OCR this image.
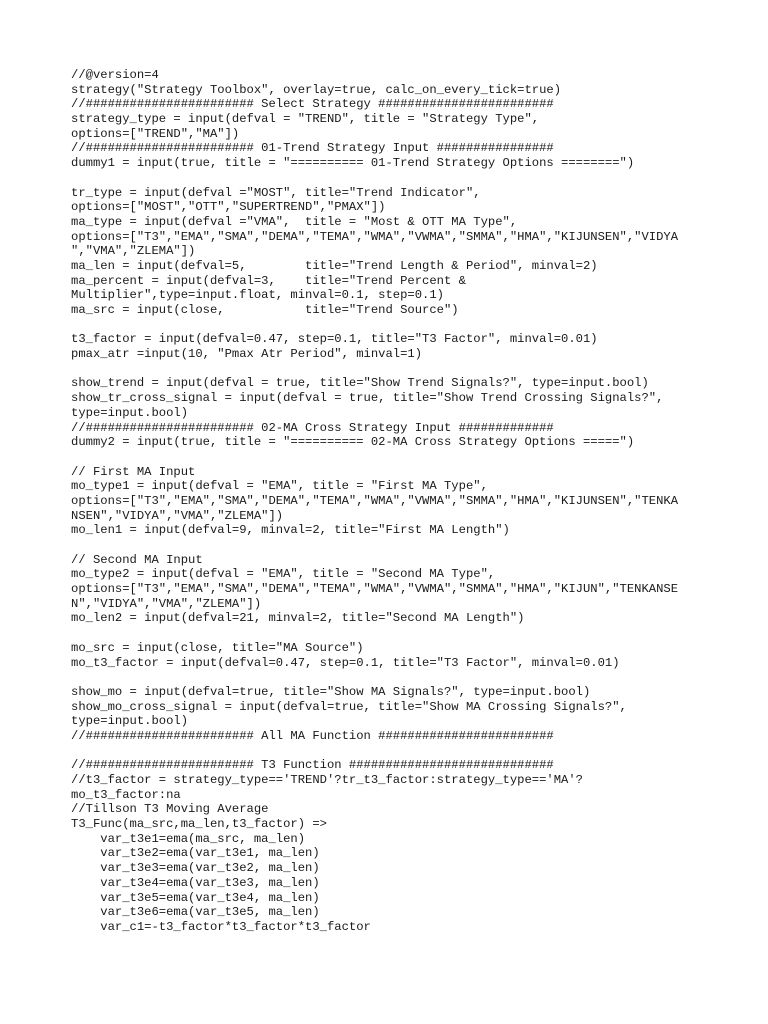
//@version=4
strategy("Strategy Toolbox", overlay=true, calc_on_every_tick=true)
//####################### Select Strategy ########################
strategy_type = input(defval = "TREND", title = "Strategy Type",
options=["TREND","MA"])
//####################### 01-Trend Strategy Input ################
dummy1 = input(true, title = "========== 01-Trend Strategy Options ========")
tr_type = input(defval ="MOST", title="Trend Indicator",
options=["MOST","OTT","SUPERTREND","PMAX"])
ma_type = input(defval ="VMA",  title = "Most & OTT MA Type",
options=["T3","EMA","SMA","DEMA","TEMA","WMA","VWMA","SMMA","HMA","KIJUNSEN","VIDYA
","VMA","ZLEMA"])
ma_len = input(defval=5,        title="Trend Length & Period", minval=2)
ma_percent = input(defval=3,    title="Trend Percent &
Multiplier",type=input.float, minval=0.1, step=0.1)
ma_src = input(close,           title="Trend Source")
t3_factor = input(defval=0.47, step=0.1, title="T3 Factor", minval=0.01)
pmax_atr =input(10, "Pmax Atr Period", minval=1)
show_trend = input(defval = true, title="Show Trend Signals?", type=input.bool)
show_tr_cross_signal = input(defval = true, title="Show Trend Crossing Signals?",
type=input.bool)
//####################### 02-MA Cross Strategy Input #############
dummy2 = input(true, title = "========== 02-MA Cross Strategy Options =====")
// First MA Input
mo_type1 = input(defval = "EMA", title = "First MA Type",
options=["T3","EMA","SMA","DEMA","TEMA","WMA","VWMA","SMMA","HMA","KIJUNSEN","TENKA
NSEN","VIDYA","VMA","ZLEMA"])
mo_len1 = input(defval=9, minval=2, title="First MA Length")
// Second MA Input
mo_type2 = input(defval = "EMA", title = "Second MA Type",
options=["T3","EMA","SMA","DEMA","TEMA","WMA","VWMA","SMMA","HMA","KIJUN","TENKANSE
N","VIDYA","VMA","ZLEMA"])
mo_len2 = input(defval=21, minval=2, title="Second MA Length")
mo_src = input(close, title="MA Source")
mo_t3_factor = input(defval=0.47, step=0.1, title="T3 Factor", minval=0.01)
show_mo = input(defval=true, title="Show MA Signals?", type=input.bool)
show_mo_cross_signal = input(defval=true, title="Show MA Crossing Signals?",
type=input.bool)
//####################### All MA Function ########################
//####################### T3 Function ############################
//t3_factor = strategy_type=='TREND'?tr_t3_factor:strategy_type=='MA'?
mo_t3_factor:na
//Tillson T3 Moving Average
T3_Func(ma_src,ma_len,t3_factor) =>
var_t3e1=ema(ma_src, ma_len)
var_t3e2=ema(var_t3e1, ma_len)
var_t3e3=ema(var_t3e2, ma_len)
var_t3e4=ema(var_t3e3, ma_len)
var_t3e5=ema(var_t3e4, ma_len)
var_t3e6=ema(var_t3e5, ma_len)
var_c1=-t3_factor*t3_factor*t3_factor
